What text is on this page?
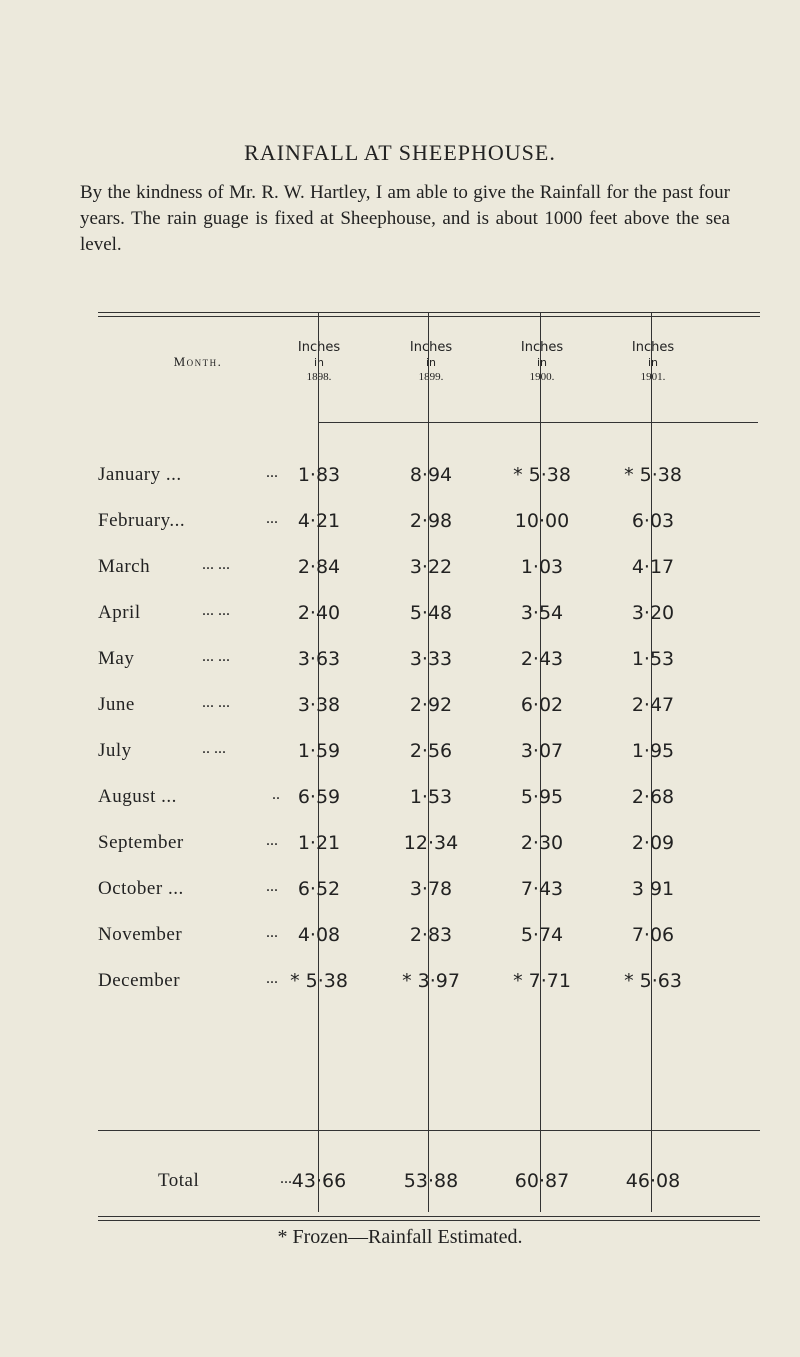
RAINFALL AT SHEEPHOUSE.
By the kindness of Mr. R. W. Hartley, I am able to give the Rainfall for the past four years. The rain guage is fixed at Sheephouse, and is about 1000 feet above the sea level.
Month.
Inches
in
1898.
Inches
in
1899.
Inches
in
1900.
Inches
in
1901.
January ...	...	1·83	8·94	* 5·38	* 5·38
February...	...	4·21	2·98	10·00	6·03
March	... ...	2·84	3·22	1·03	4·17
April	... ...	2·40	5·48	3·54	3·20
May	... ...	3·63	3·33	2·43	1·53
June	... ...	3·38	2·92	6·02	2·47
July	.. ...	1·59	2·56	3·07	1·95
August ...	.. 6·59	1·53	5·95	2·68
September	...	1·21	12·34	2·30	2·09
October ...	...	6·52	3·78	7·43	3 91
November	...	4·08	2·83	5·74	7·06
December	... * 5·38	* 3·97	* 7·71	* 5·63
Total	... 43·66	53·88	60·87	46·08
* Frozen—Rainfall Estimated.
